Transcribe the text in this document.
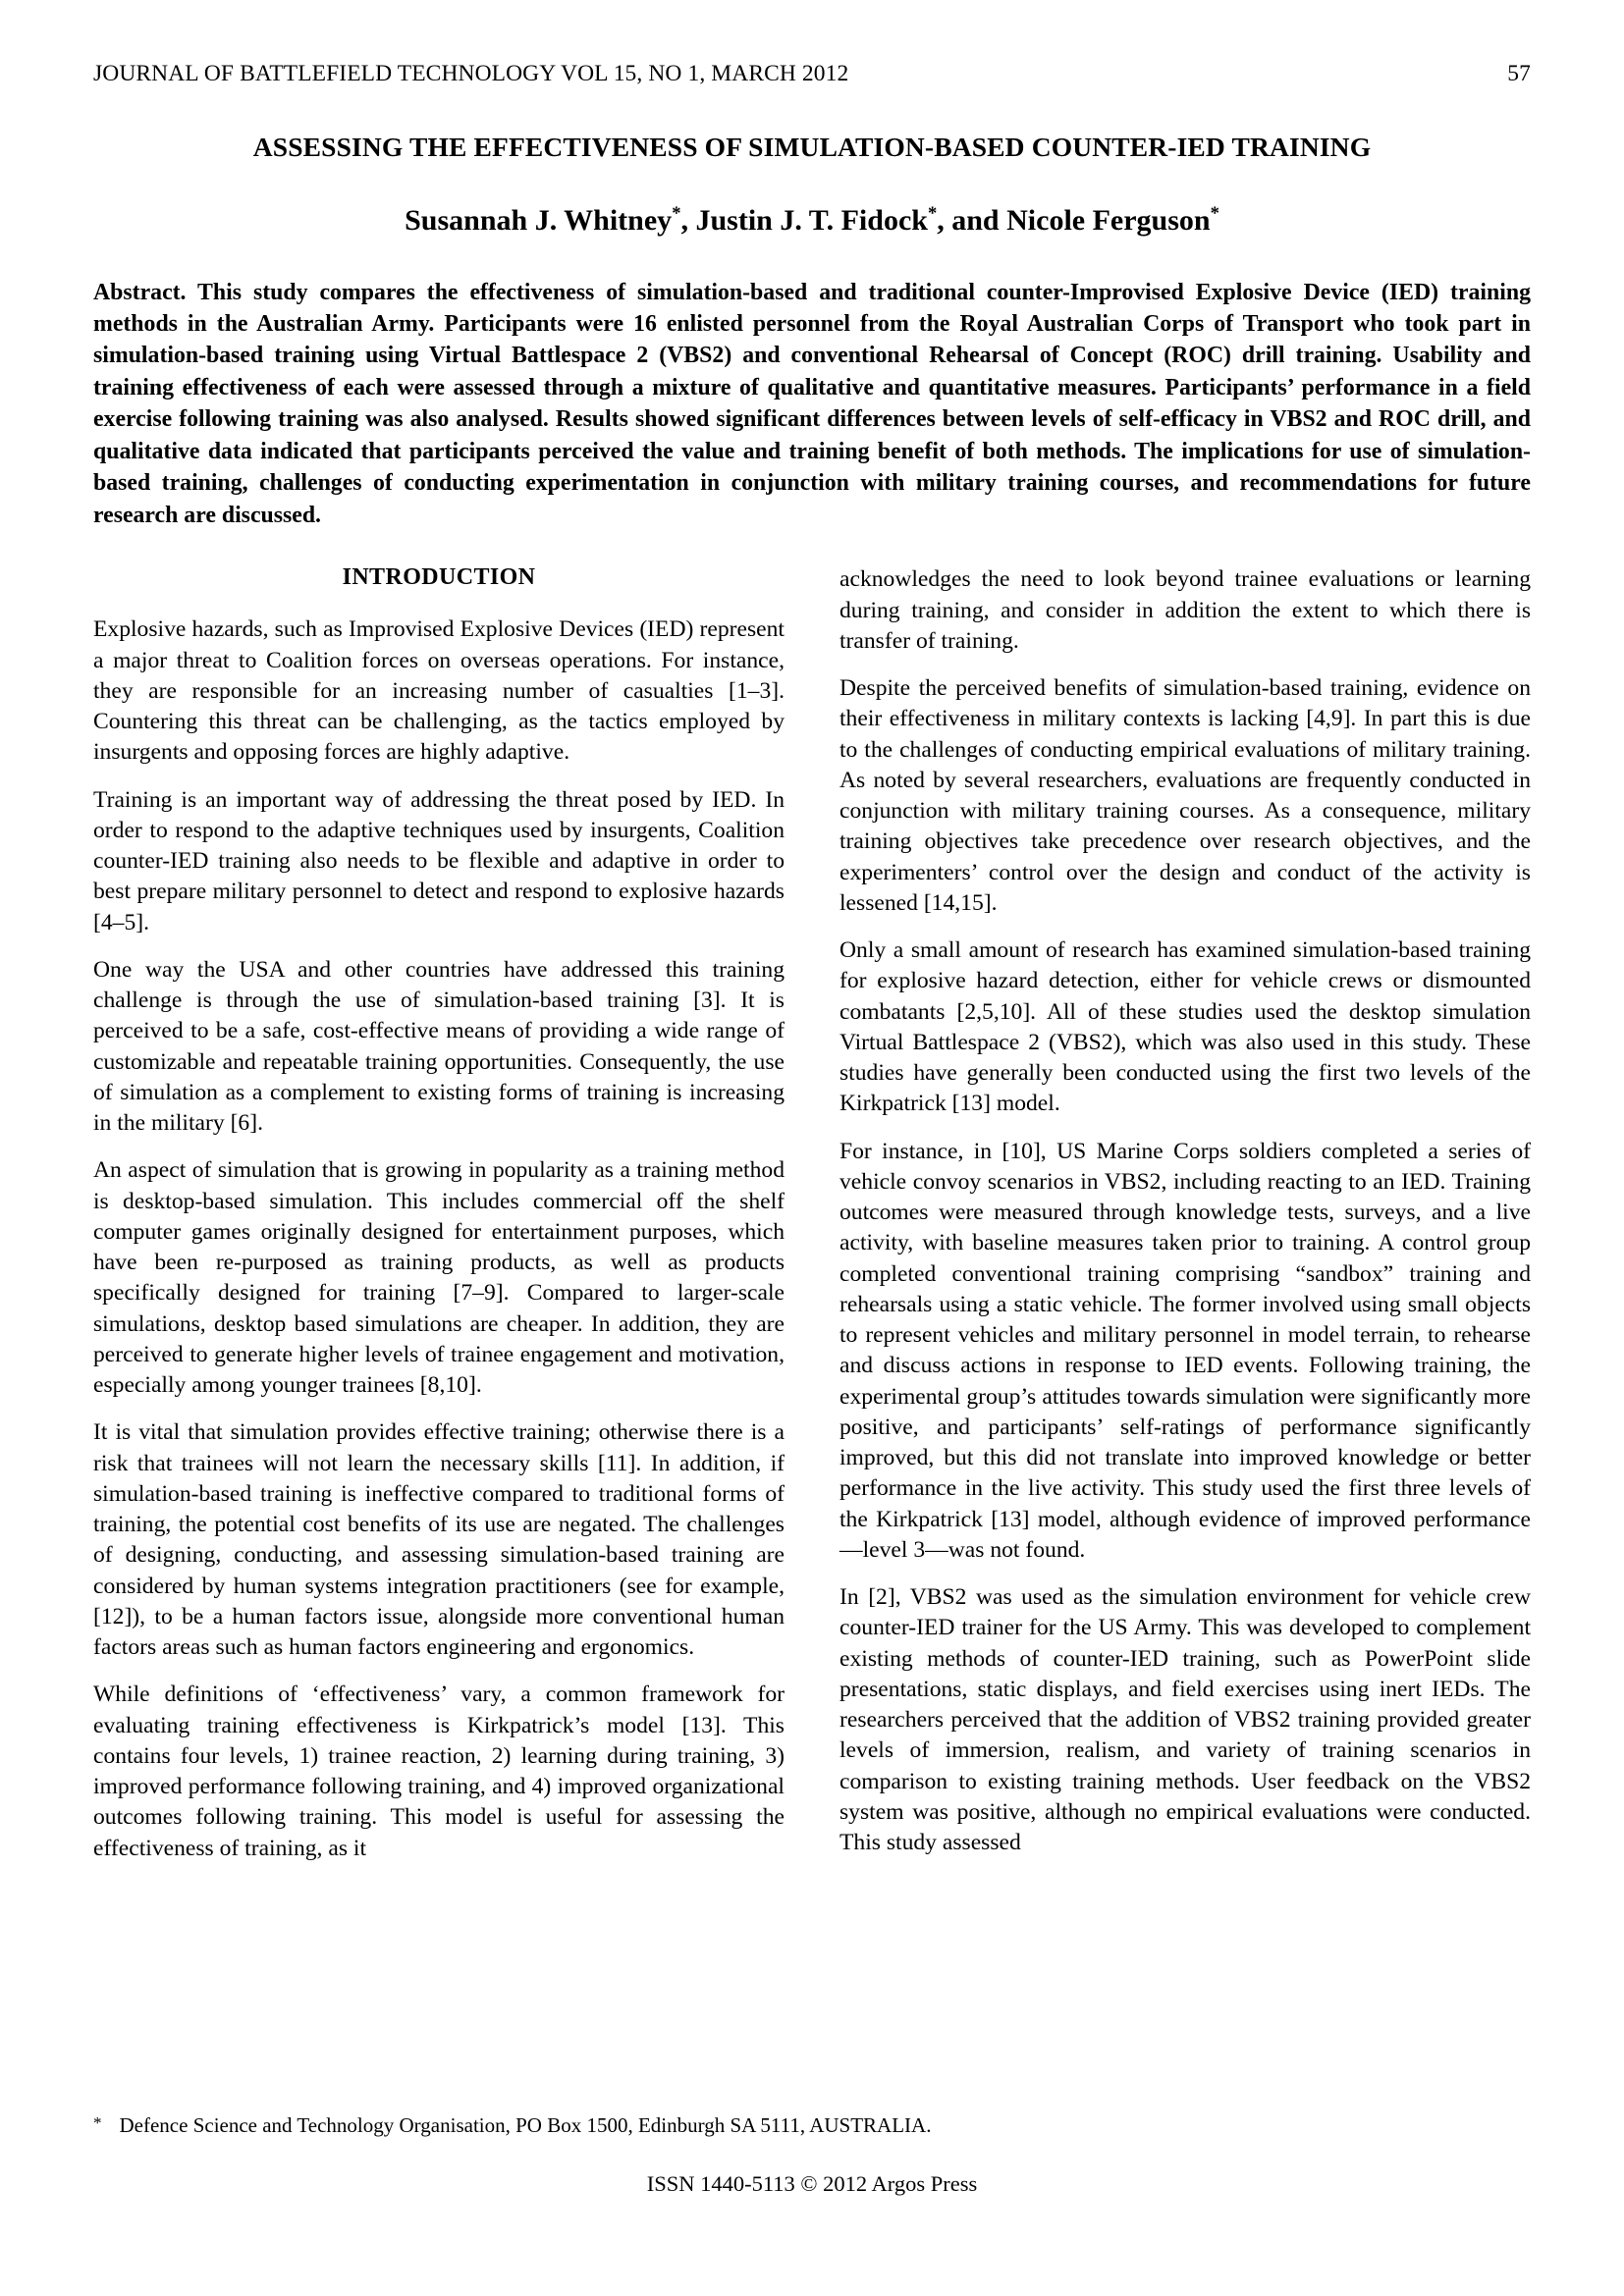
JOURNAL OF BATTLEFIELD TECHNOLOGY VOL 15, NO 1, MARCH 2012	57
ASSESSING THE EFFECTIVENESS OF SIMULATION-BASED COUNTER-IED TRAINING
Susannah J. Whitney*, Justin J. T. Fidock*, and Nicole Ferguson*
Abstract. This study compares the effectiveness of simulation-based and traditional counter-Improvised Explosive Device (IED) training methods in the Australian Army. Participants were 16 enlisted personnel from the Royal Australian Corps of Transport who took part in simulation-based training using Virtual Battlespace 2 (VBS2) and conventional Rehearsal of Concept (ROC) drill training. Usability and training effectiveness of each were assessed through a mixture of qualitative and quantitative measures. Participants’ performance in a field exercise following training was also analysed. Results showed significant differences between levels of self-efficacy in VBS2 and ROC drill, and qualitative data indicated that participants perceived the value and training benefit of both methods. The implications for use of simulation-based training, challenges of conducting experimentation in conjunction with military training courses, and recommendations for future research are discussed.
INTRODUCTION

Explosive hazards, such as Improvised Explosive Devices (IED) represent a major threat to Coalition forces on overseas operations. For instance, they are responsible for an increasing number of casualties [1–3]. Countering this threat can be challenging, as the tactics employed by insurgents and opposing forces are highly adaptive.

Training is an important way of addressing the threat posed by IED. In order to respond to the adaptive techniques used by insurgents, Coalition counter-IED training also needs to be flexible and adaptive in order to best prepare military personnel to detect and respond to explosive hazards [4–5].

One way the USA and other countries have addressed this training challenge is through the use of simulation-based training [3]. It is perceived to be a safe, cost-effective means of providing a wide range of customizable and repeatable training opportunities. Consequently, the use of simulation as a complement to existing forms of training is increasing in the military [6].

An aspect of simulation that is growing in popularity as a training method is desktop-based simulation. This includes commercial off the shelf computer games originally designed for entertainment purposes, which have been re-purposed as training products, as well as products specifically designed for training [7–9]. Compared to larger-scale simulations, desktop based simulations are cheaper. In addition, they are perceived to generate higher levels of trainee engagement and motivation, especially among younger trainees [8,10].

It is vital that simulation provides effective training; otherwise there is a risk that trainees will not learn the necessary skills [11]. In addition, if simulation-based training is ineffective compared to traditional forms of training, the potential cost benefits of its use are negated. The challenges of designing, conducting, and assessing simulation-based training are considered by human systems integration practitioners (see for example, [12]), to be a human factors issue, alongside more conventional human factors areas such as human factors engineering and ergonomics.

While definitions of ‘effectiveness’ vary, a common framework for evaluating training effectiveness is Kirkpatrick’s model [13]. This contains four levels, 1) trainee reaction, 2) learning during training, 3) improved performance following training, and 4) improved organizational outcomes following training. This model is useful for assessing the effectiveness of training, as it

acknowledges the need to look beyond trainee evaluations or learning during training, and consider in addition the extent to which there is transfer of training.

Despite the perceived benefits of simulation-based training, evidence on their effectiveness in military contexts is lacking [4,9]. In part this is due to the challenges of conducting empirical evaluations of military training. As noted by several researchers, evaluations are frequently conducted in conjunction with military training courses. As a consequence, military training objectives take precedence over research objectives, and the experimenters’ control over the design and conduct of the activity is lessened [14,15].

Only a small amount of research has examined simulation-based training for explosive hazard detection, either for vehicle crews or dismounted combatants [2,5,10]. All of these studies used the desktop simulation Virtual Battlespace 2 (VBS2), which was also used in this study. These studies have generally been conducted using the first two levels of the Kirkpatrick [13] model.

For instance, in [10], US Marine Corps soldiers completed a series of vehicle convoy scenarios in VBS2, including reacting to an IED. Training outcomes were measured through knowledge tests, surveys, and a live activity, with baseline measures taken prior to training. A control group completed conventional training comprising “sandbox” training and rehearsals using a static vehicle. The former involved using small objects to represent vehicles and military personnel in model terrain, to rehearse and discuss actions in response to IED events. Following training, the experimental group’s attitudes towards simulation were significantly more positive, and participants’ self-ratings of performance significantly improved, but this did not translate into improved knowledge or better performance in the live activity. This study used the first three levels of the Kirkpatrick [13] model, although evidence of improved performance—level 3—was not found.

In [2], VBS2 was used as the simulation environment for vehicle crew counter-IED trainer for the US Army. This was developed to complement existing methods of counter-IED training, such as PowerPoint slide presentations, static displays, and field exercises using inert IEDs. The researchers perceived that the addition of VBS2 training provided greater levels of immersion, realism, and variety of training scenarios in comparison to existing training methods. User feedback on the VBS2 system was positive, although no empirical evaluations were conducted. This study assessed

* Defence Science and Technology Organisation, PO Box 1500, Edinburgh SA 5111, AUSTRALIA.
ISSN 1440-5113 © 2012 Argos Press
